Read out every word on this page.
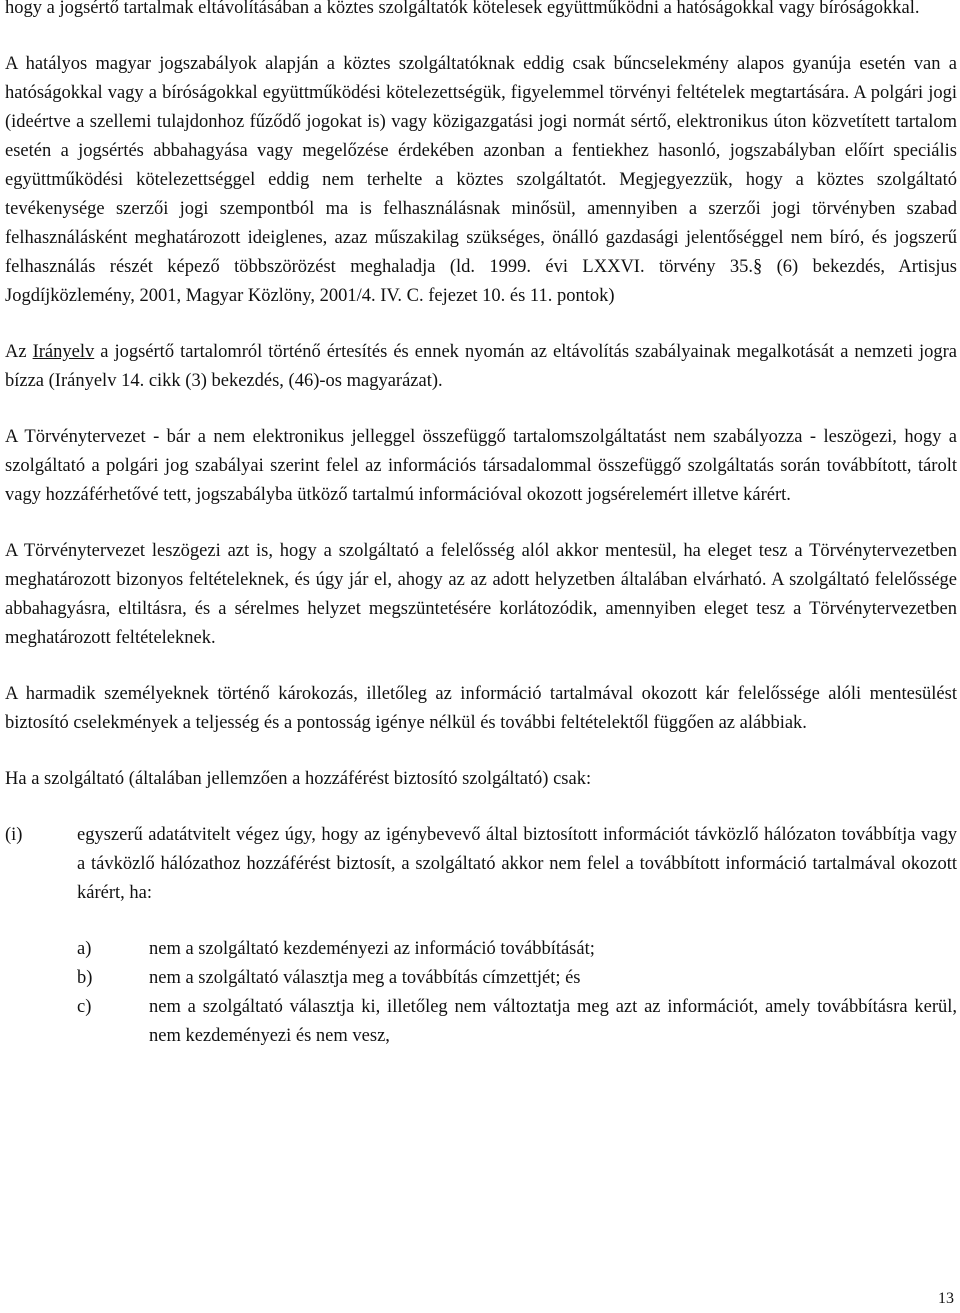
hogy a jogsértő tartalmak eltávolításában a köztes szolgáltatók kötelesek együttműködni a hatóságokkal vagy bíróságokkal.

A hatályos magyar jogszabályok alapján a köztes szolgáltatóknak eddig csak bűncselekmény alapos gyanúja esetén van a hatóságokkal vagy a bíróságokkal együttműködési kötelezettségük, figyelemmel törvényi feltételek megtartására. A polgári jogi (ideértve a szellemi tulajdonhoz fűződő jogokat is) vagy közigazgatási jogi normát sértő, elektronikus úton közvetített tartalom esetén a jogsértés abbahagyása vagy megelőzése érdekében azonban a fentiekhez hasonló, jogszabályban előírt speciális együttműködési kötelezettséggel eddig nem terhelte a köztes szolgáltatót. Megjegyezzük, hogy a köztes szolgáltató tevékenysége szerzői jogi szempontból ma is felhasználásnak minősül, amennyiben a szerzői jogi törvényben szabad felhasználásként meghatározott ideiglenes, azaz műszakilag szükséges, önálló gazdasági jelentőséggel nem bíró, és jogszerű felhasználás részét képező többszörözést meghaladja (ld. 1999. évi LXXVI. törvény 35.§ (6) bekezdés, Artisjus Jogdíjközlemény, 2001, Magyar Közlöny, 2001/4. IV. C. fejezet 10. és 11. pontok)

Az Irányelv a jogsértő tartalomról történő értesítés és ennek nyomán az eltávolítás szabályainak megalkotását a nemzeti jogra bízza (Irányelv 14. cikk (3) bekezdés, (46)-os magyarázat).

A Törvénytervezet - bár a nem elektronikus jelleggel összefüggő tartalomszolgáltatást nem szabályozza - leszögezi, hogy a szolgáltató a polgári jog szabályai szerint felel az információs társadalommal összefüggő szolgáltatás során továbbított, tárolt vagy hozzáférhetővé tett, jogszabályba ütköző tartalmú információval okozott jogsérelemért illetve kárért.

A Törvénytervezet leszögezi azt is, hogy a szolgáltató a felelősség alól akkor mentesül, ha eleget tesz a Törvénytervezetben meghatározott bizonyos feltételeknek, és úgy jár el, ahogy az az adott helyzetben általában elvárható. A szolgáltató felelőssége abbahagyásra, eltiltásra, és a sérelmes helyzet megszüntetésére korlátozódik, amennyiben eleget tesz a Törvénytervezetben meghatározott feltételeknek.

A harmadik személyeknek történő károkozás, illetőleg az információ tartalmával okozott kár felelőssége alóli mentesülést biztosító cselekmények a teljesség és a pontosság igénye nélkül és további feltételektől függően az alábbiak.

Ha a szolgáltató (általában jellemzően a hozzáférést biztosító szolgáltató) csak:

(i)	egyszerű adatátvitelt végez úgy, hogy az igénybevevő által biztosított információt távközlő hálózaton továbbítja vagy a távközlő hálózathoz hozzáférést biztosít, a szolgáltató akkor nem felel a továbbított információ tartalmával okozott kárért, ha:
a)	nem a szolgáltató kezdeményezi az információ továbbítását;
b)	nem a szolgáltató választja meg a továbbítás címzettjét; és
c)	nem a szolgáltató választja ki, illetőleg nem változtatja meg azt az információt, amely továbbításra kerül, nem kezdeményezi és nem vesz,
13
